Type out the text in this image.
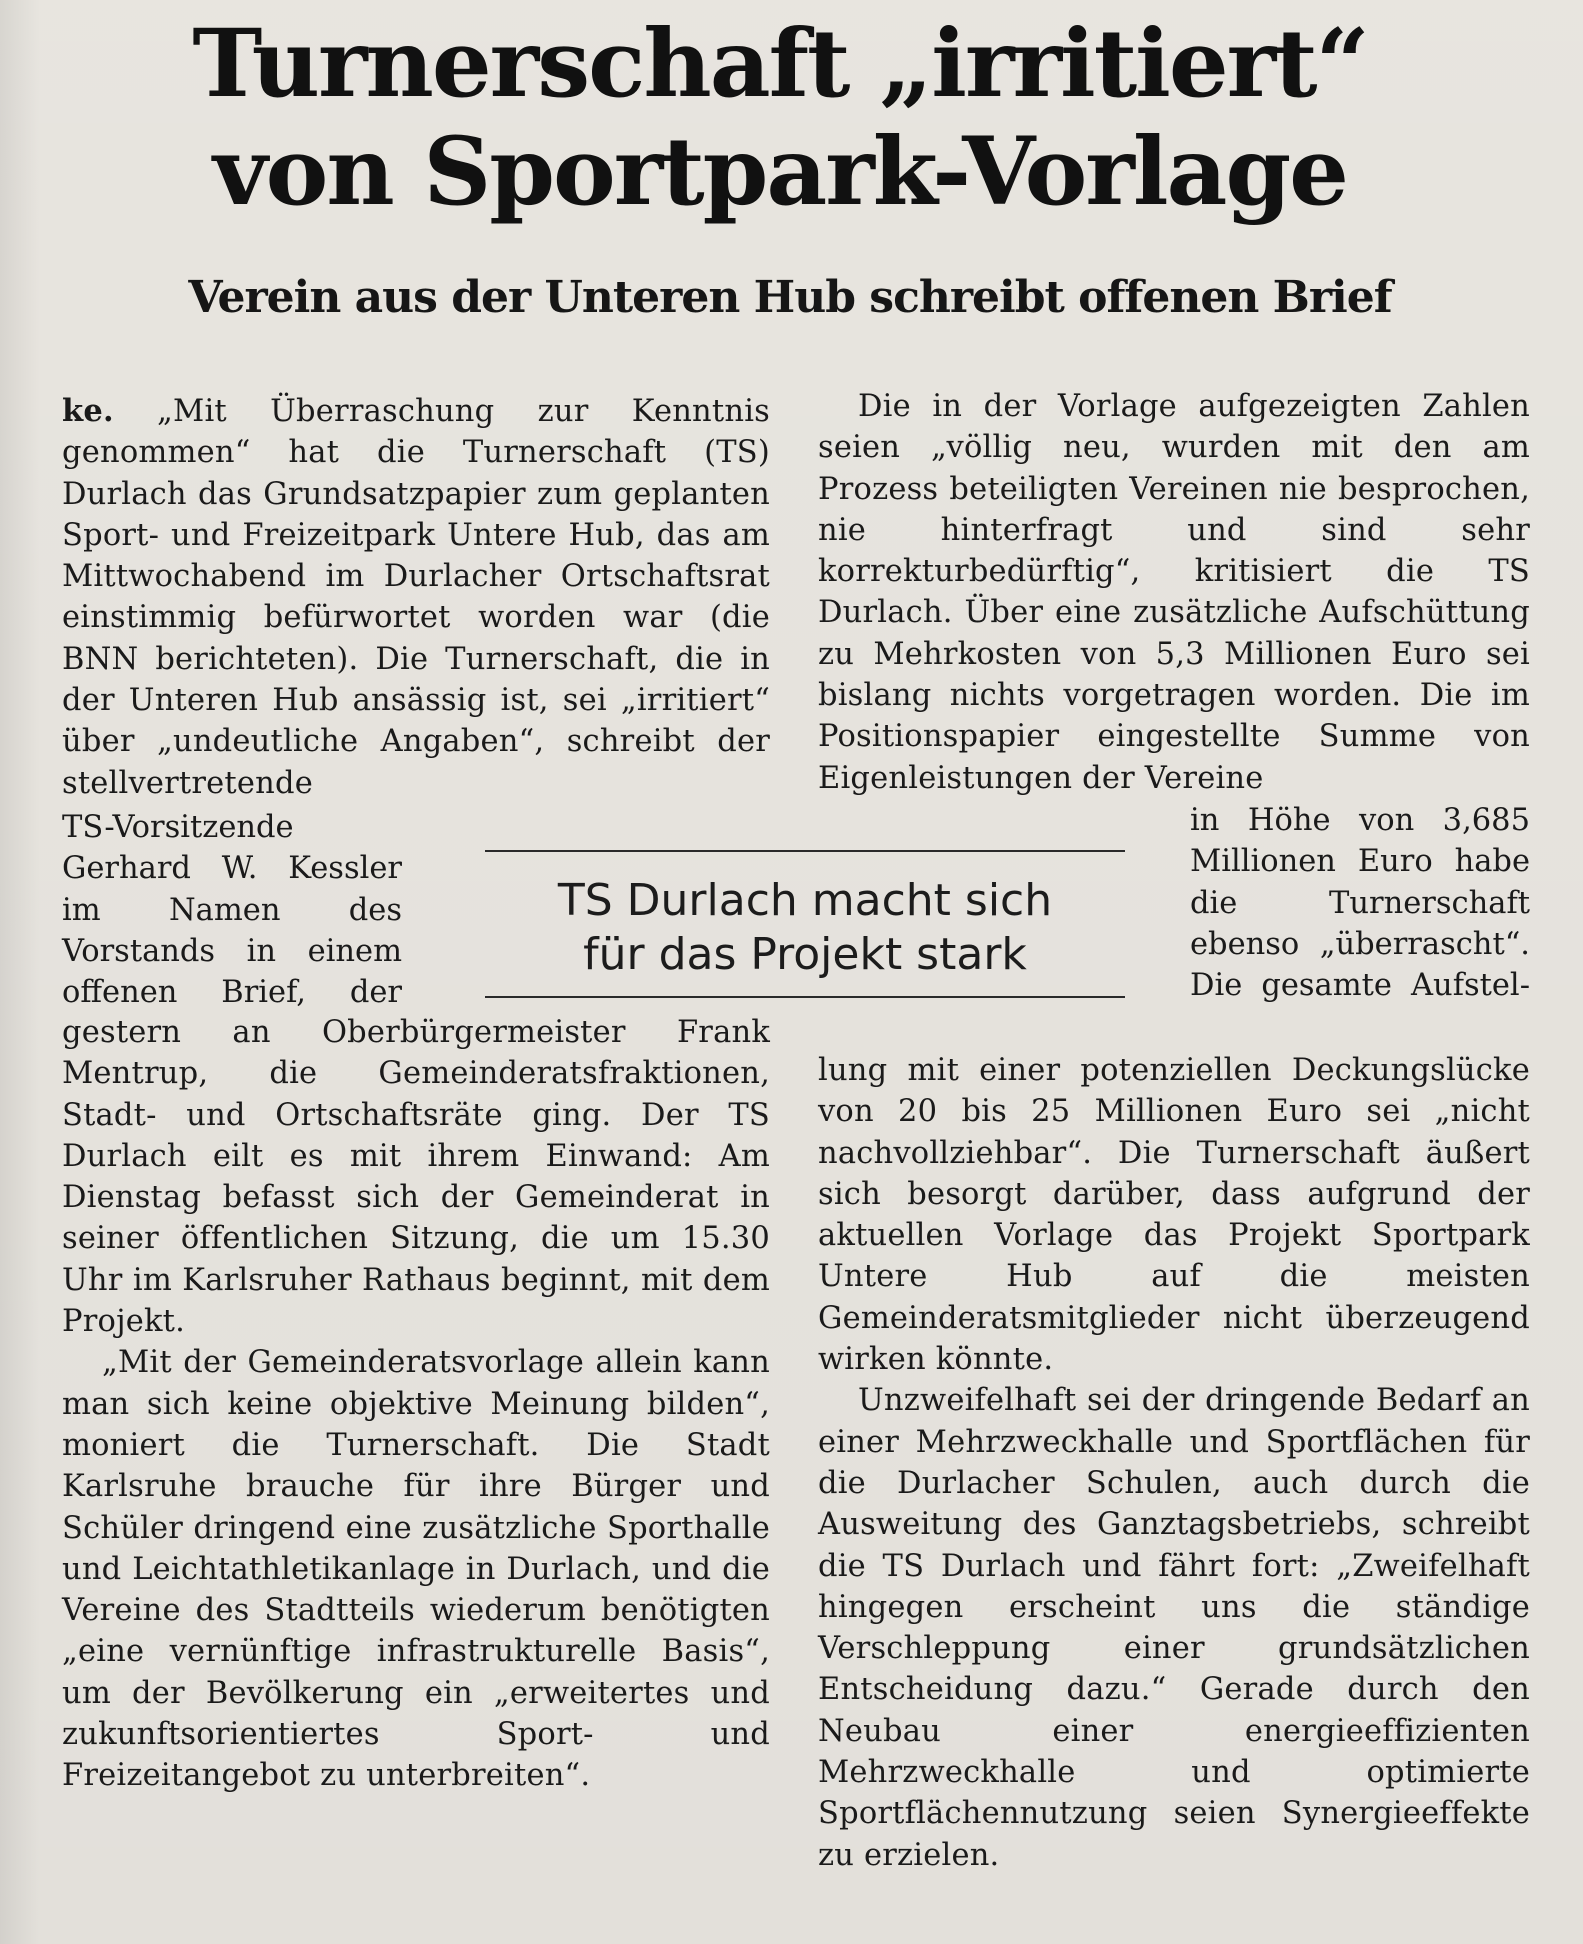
Turnerschaft „irritiert“
von Sportpark-Vorlage
Verein aus der Unteren Hub schreibt offenen Brief

ke. „Mit Überraschung zur Kenntnis genommen“ hat die Turnerschaft (TS) Durlach das Grundsatzpapier zum geplanten Sport- und Freizeitpark Untere Hub, das am Mittwochabend im Durlacher Ortschaftsrat einstimmig befürwortet worden war (die BNN berichteten). Die Turnerschaft, die in der Unteren Hub ansässig ist, sei „irritiert“ über „undeutliche Angaben“, schreibt der stellvertretende

TS-Vorsitzende Gerhard W. Kessler im Namen des Vorstands in einem offenen Brief, der

gestern an Oberbürgermeister Frank Mentrup, die Gemeinderatsfraktionen, Stadt- und Ortschaftsräte ging. Der TS Durlach eilt es mit ihrem Einwand: Am Dienstag befasst sich der Gemeinderat in seiner öffentlichen Sitzung, die um 15.30 Uhr im Karlsruher Rathaus beginnt, mit dem Projekt.

„Mit der Gemeinderatsvorlage allein kann man sich keine objektive Meinung bilden“, moniert die Turnerschaft. Die Stadt Karlsruhe brauche für ihre Bürger und Schüler dringend eine zusätzliche Sporthalle und Leichtathletikanlage in Durlach, und die Vereine des Stadtteils wiederum benötigten „eine vernünftige infrastrukturelle Basis“, um der Bevölkerung ein „erweitertes und zukunftsorientiertes Sport- und Freizeitangebot zu unterbreiten“.

TS Durlach macht sich
für das Projekt stark

Die in der Vorlage aufgezeigten Zahlen seien „völlig neu, wurden mit den am Prozess beteiligten Vereinen nie besprochen, nie hinterfragt und sind sehr korrekturbedürftig“, kritisiert die TS Durlach. Über eine zusätzliche Aufschüttung zu Mehrkosten von 5,3 Millionen Euro sei bislang nichts vorgetragen worden. Die im Positionspapier eingestellte Summe von Eigenleistungen der Vereine

in Höhe von 3,685 Millionen Euro habe die Turnerschaft ebenso „überrascht“. Die gesamte Aufstel-

lung mit einer potenziellen Deckungslücke von 20 bis 25 Millionen Euro sei „nicht nachvollziehbar“. Die Turnerschaft äußert sich besorgt darüber, dass aufgrund der aktuellen Vorlage das Projekt Sportpark Untere Hub auf die meisten Gemeinderatsmitglieder nicht überzeugend wirken könnte.

Unzweifelhaft sei der dringende Bedarf an einer Mehrzweckhalle und Sportflächen für die Durlacher Schulen, auch durch die Ausweitung des Ganztagsbetriebs, schreibt die TS Durlach und fährt fort: „Zweifelhaft hingegen erscheint uns die ständige Verschleppung einer grundsätzlichen Entscheidung dazu.“ Gerade durch den Neubau einer energieeffizienten Mehrzweckhalle und optimierte Sportflächennutzung seien Synergieeffekte zu erzielen.
